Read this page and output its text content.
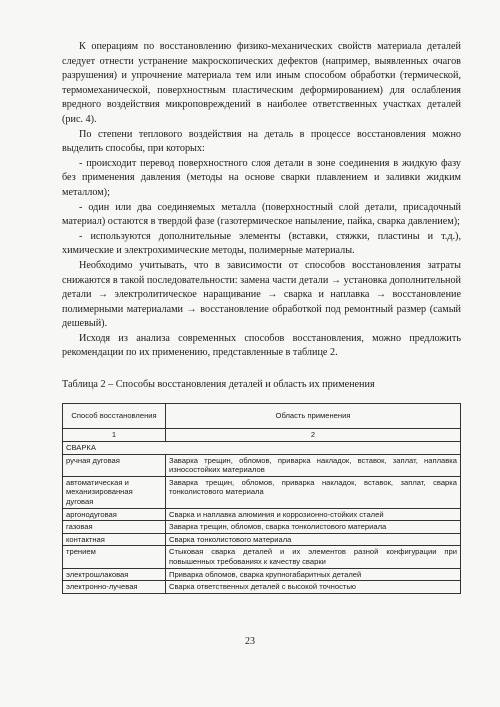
К операциям по восстановлению физико-механических свойств материала деталей следует отнести устранение макроскопических дефектов (например, выявленных очагов разрушения) и упрочнение материала тем или иным способом обработки (термической, термомеханической, поверхностным пластическим деформированием) для ослабления вредного воздействия микроповреждений в наиболее ответственных участках деталей (рис. 4).

По степени теплового воздействия на деталь в процессе восстановления можно выделить способы, при которых:

- происходит перевод поверхностного слоя детали в зоне соединения в жидкую фазу без применения давления (методы на основе сварки плавлением и заливки жидким металлом);

- один или два соединяемых металла (поверхностный слой детали, присадочный материал) остаются в твердой фазе (газотермическое напыление, пайка, сварка давлением);

- используются дополнительные элементы (вставки, стяжки, пластины и т.д.), химические и электрохимические методы, полимерные материалы.

Необходимо учитывать, что в зависимости от способов восстановления затраты снижаются в такой последовательности: замена части детали → установка дополнительной детали → электролитическое наращивание → сварка и наплавка → восстановление полимерными материалами → восстановление обработкой под ремонтный размер (самый дешевый).

Исходя из анализа современных способов восстановления, можно предложить рекомендации по их применению, представленные в таблице 2.

Таблица 2 – Способы восстановления деталей и область их применения
Способ восстановления	Область применения
1	2
СВАРКА	
ручная дуговая	Заварка трещин, обломов, приварка накладок, вставок, заплат, наплавка износостойких материалов
автоматическая и механизированная дуговая	Заварка трещин, обломов, приварка накладок, вставок, заплат, сварка тонколистового материала
аргонодуговая	Сварка и наплавка алюминия и коррозионно-стойких сталей
газовая	Заварка трещин, обломов, сварка тонколистового материала
контактная	Сварка тонколистового материала
трением	Стыковая сварка деталей и их элементов разной конфигурации при повышенных требованиях к качеству сварки
электрошлаковая	Приварка обломов, сварка крупногабаритных деталей
электронно-лучевая	Сварка ответственных деталей с высокой точностью
23
